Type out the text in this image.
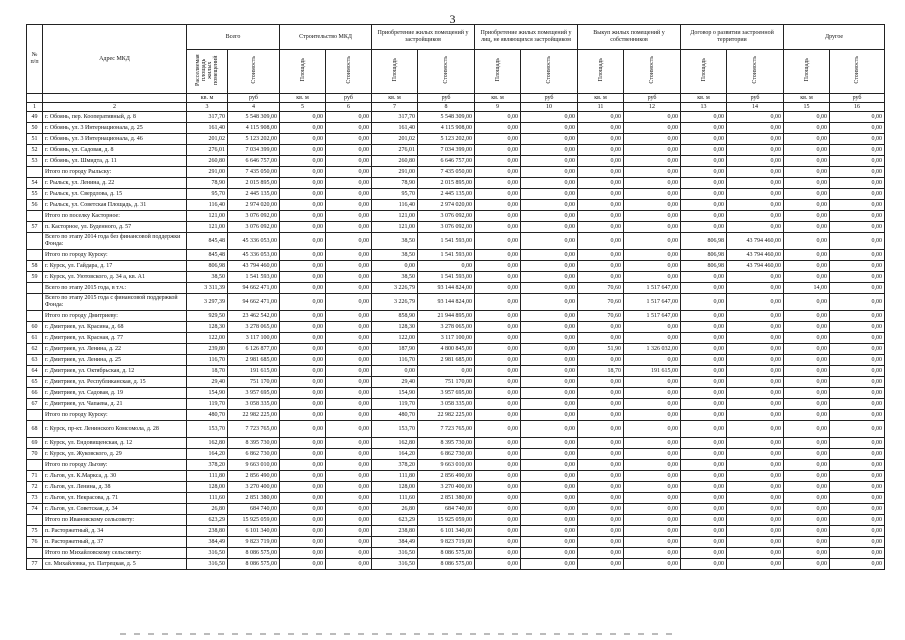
3
№ п/п	Адрес МКД	Всего		Строительство МКД		Приобретение жилых помещений у застройщиков		Приобретение жилых помещений у лиц, не являющихся застройщиком		Выкуп жилых помещений у собственников		Договор о развитии застроенной территории		Другое	
		Расселяемая площадь жилых помещений	Стоимость	Площадь	Стоимость	Площадь	Стоимость	Площадь	Стоимость	Площадь	Стоимость	Площадь	Стоимость	Площадь	Стоимость
		кв. м	руб	кв. м	руб	кв. м	руб	кв. м	руб	кв. м	руб	кв. м	руб	кв. м	руб
1	2	3	4	5	6	7	8	9	10	11	12	13	14	15	16
49	г. Обоянь, пер. Кооперативный, д. 8	317,70	5 548 309,00	0,00	0,00	317,70	5 548 309,00	0,00	0,00	0,00	0,00	0,00	0,00	0,00	0,00
50	г. Обоянь, ул. 3 Интернационала, д. 25	161,40	4 115 908,00	0,00	0,00	161,40	4 115 908,00	0,00	0,00	0,00	0,00	0,00	0,00	0,00	0,00
51	г. Обоянь, ул. 3 Интернационала, д. 46	201,02	5 123 202,00	0,00	0,00	201,02	5 123 202,00	0,00	0,00	0,00	0,00	0,00	0,00	0,00	0,00
52	г. Обоянь, ул. Садовая, д. 8	276,01	7 034 399,00	0,00	0,00	276,01	7 034 399,00	0,00	0,00	0,00	0,00	0,00	0,00	0,00	0,00
53	г. Обоянь, ул. Шмидта, д. 11	260,80	6 646 757,00	0,00	0,00	260,80	6 646 757,00	0,00	0,00	0,00	0,00	0,00	0,00	0,00	0,00
	Итого по городу Рыльску:	291,00	7 435 050,00	0,00	0,00	291,00	7 435 050,00	0,00	0,00	0,00	0,00	0,00	0,00	0,00	0,00
54	г. Рыльск, ул. Ленина, д. 22	78,90	2 015 895,00	0,00	0,00	78,90	2 015 895,00	0,00	0,00	0,00	0,00	0,00	0,00	0,00	0,00
55	г. Рыльск, ул. Свердлова, д. 15	95,70	2 445 135,00	0,00	0,00	95,70	2 445 135,00	0,00	0,00	0,00	0,00	0,00	0,00	0,00	0,00
56	г. Рыльск, ул. Советская Площадь, д. 31	116,40	2 974 020,00	0,00	0,00	116,40	2 974 020,00	0,00	0,00	0,00	0,00	0,00	0,00	0,00	0,00
	Итого по поселку Касторное:	121,00	3 076 092,00	0,00	0,00	121,00	3 076 092,00	0,00	0,00	0,00	0,00	0,00	0,00	0,00	0,00
57	п. Касторное, ул. Буденного, д. 57	121,00	3 076 092,00	0,00	0,00	121,00	3 076 092,00	0,00	0,00	0,00	0,00	0,00	0,00	0,00	0,00
	Всего по этапу 2014 года без финансовой поддержки Фонда:	845,48	45 336 053,00	0,00	0,00	38,50	1 541 593,00	0,00	0,00	0,00	0,00	806,98	43 794 460,00	0,00	0,00
	Итого по городу Курску:	845,48	45 336 053,00	0,00	0,00	38,50	1 541 593,00	0,00	0,00	0,00	0,00	806,98	43 794 460,00	0,00	0,00
58	г. Курск, ул. Гайдара, д. 17	806,98	43 794 460,00	0,00	0,00	0,00	0,00	0,00	0,00	0,00	0,00	806,98	43 794 460,00	0,00	0,00
59	г. Курск, ул. Уютовского, д. 34 а, кв. А1	38,50	1 541 593,00	0,00	0,00	38,50	1 541 593,00	0,00	0,00	0,00	0,00	0,00	0,00	0,00	0,00
	Всего по этапу 2015 года, в т.ч.:	3 311,39	94 662 471,00	0,00	0,00	3 226,79	93 144 824,00	0,00	0,00	70,60	1 517 647,00	0,00	0,00	14,00	0,00
	Всего по этапу 2015 года с финансовой поддержкой Фонда:	3 297,39	94 662 471,00	0,00	0,00	3 226,79	93 144 824,00	0,00	0,00	70,60	1 517 647,00	0,00	0,00	0,00	0,00
	Итого по городу Дмитриеву:	929,50	23 462 542,00	0,00	0,00	858,90	21 944 895,00	0,00	0,00	70,60	1 517 647,00	0,00	0,00	0,00	0,00
60	г. Дмитриев, ул. Красина, д. 68	128,30	3 278 065,00	0,00	0,00	128,30	3 278 065,00	0,00	0,00	0,00	0,00	0,00	0,00	0,00	0,00
61	г. Дмитриев, ул. Красная, д. 77	122,00	3 117 100,00	0,00	0,00	122,00	3 117 100,00	0,00	0,00	0,00	0,00	0,00	0,00	0,00	0,00
62	г. Дмитриев, ул. Ленина, д. 22	239,80	6 126 877,00	0,00	0,00	187,90	4 800 845,00	0,00	0,00	51,90	1 326 032,00	0,00	0,00	0,00	0,00
63	г. Дмитриев, ул. Ленина, д. 25	116,70	2 981 685,00	0,00	0,00	116,70	2 981 685,00	0,00	0,00	0,00	0,00	0,00	0,00	0,00	0,00
64	г. Дмитриев, ул. Октябрьская, д. 12	18,70	191 615,00	0,00	0,00	0,00	0,00	0,00	0,00	18,70	191 615,00	0,00	0,00	0,00	0,00
65	г. Дмитриев, ул. Республиканская, д. 15	29,40	751 170,00	0,00	0,00	29,40	751 170,00	0,00	0,00	0,00	0,00	0,00	0,00	0,00	0,00
66	г. Дмитриев, ул. Садовая, д. 19	154,90	3 957 695,00	0,00	0,00	154,90	3 957 695,00	0,00	0,00	0,00	0,00	0,00	0,00	0,00	0,00
67	г. Дмитриев, ул. Чапаева, д. 21	119,70	3 058 335,00	0,00	0,00	119,70	3 058 335,00	0,00	0,00	0,00	0,00	0,00	0,00	0,00	0,00
	Итого по городу Курску:	480,70	22 982 225,00	0,00	0,00	480,70	22 982 225,00	0,00	0,00	0,00	0,00	0,00	0,00	0,00	0,00
68	г. Курск, пр-кт. Ленинского Комсомола, д. 28	153,70	7 723 765,00	0,00	0,00	153,70	7 723 765,00	0,00	0,00	0,00	0,00	0,00	0,00	0,00	0,00
69	г. Курск, ул. Ендовищенская, д. 12	162,80	8 395 730,00	0,00	0,00	162,80	8 395 730,00	0,00	0,00	0,00	0,00	0,00	0,00	0,00	0,00
70	г. Курск, ул. Жуковского, д. 29	164,20	6 862 730,00	0,00	0,00	164,20	6 862 730,00	0,00	0,00	0,00	0,00	0,00	0,00	0,00	0,00
	Итого по городу Льгову:	378,20	9 663 010,00	0,00	0,00	378,20	9 663 010,00	0,00	0,00	0,00	0,00	0,00	0,00	0,00	0,00
71	г. Льгов, ул. К.Маркса, д. 30	111,80	2 856 490,00	0,00	0,00	111,80	2 856 490,00	0,00	0,00	0,00	0,00	0,00	0,00	0,00	0,00
72	г. Льгов, ул. Ленина, д. 38	128,00	3 270 400,00	0,00	0,00	128,00	3 270 400,00	0,00	0,00	0,00	0,00	0,00	0,00	0,00	0,00
73	г. Льгов, ул. Некрасова, д. 71	111,60	2 851 380,00	0,00	0,00	111,60	2 851 380,00	0,00	0,00	0,00	0,00	0,00	0,00	0,00	0,00
74	г. Льгов, ул. Советская, д. 34	26,80	684 740,00	0,00	0,00	26,80	684 740,00	0,00	0,00	0,00	0,00	0,00	0,00	0,00	0,00
	Итого по Ивановскому сельсовету:	623,29	15 925 059,00	0,00	0,00	623,29	15 925 059,00	0,00	0,00	0,00	0,00	0,00	0,00	0,00	0,00
75	п. Расторжетный, д. 34	238,80	6 101 340,00	0,00	0,00	238,80	6 101 340,00	0,00	0,00	0,00	0,00	0,00	0,00	0,00	0,00
76	п. Расторжетный, д. 37	384,49	9 823 719,00	0,00	0,00	384,49	9 823 719,00	0,00	0,00	0,00	0,00	0,00	0,00	0,00	0,00
	Итого по Михайловскому сельсовету:	316,50	8 086 575,00	0,00	0,00	316,50	8 086 575,00	0,00	0,00	0,00	0,00	0,00	0,00	0,00	0,00
77	сл. Михайловка, ул. Патрецкая, д. 5	316,50	8 086 575,00	0,00	0,00	316,50	8 086 575,00	0,00	0,00	0,00	0,00	0,00	0,00	0,00	0,00
